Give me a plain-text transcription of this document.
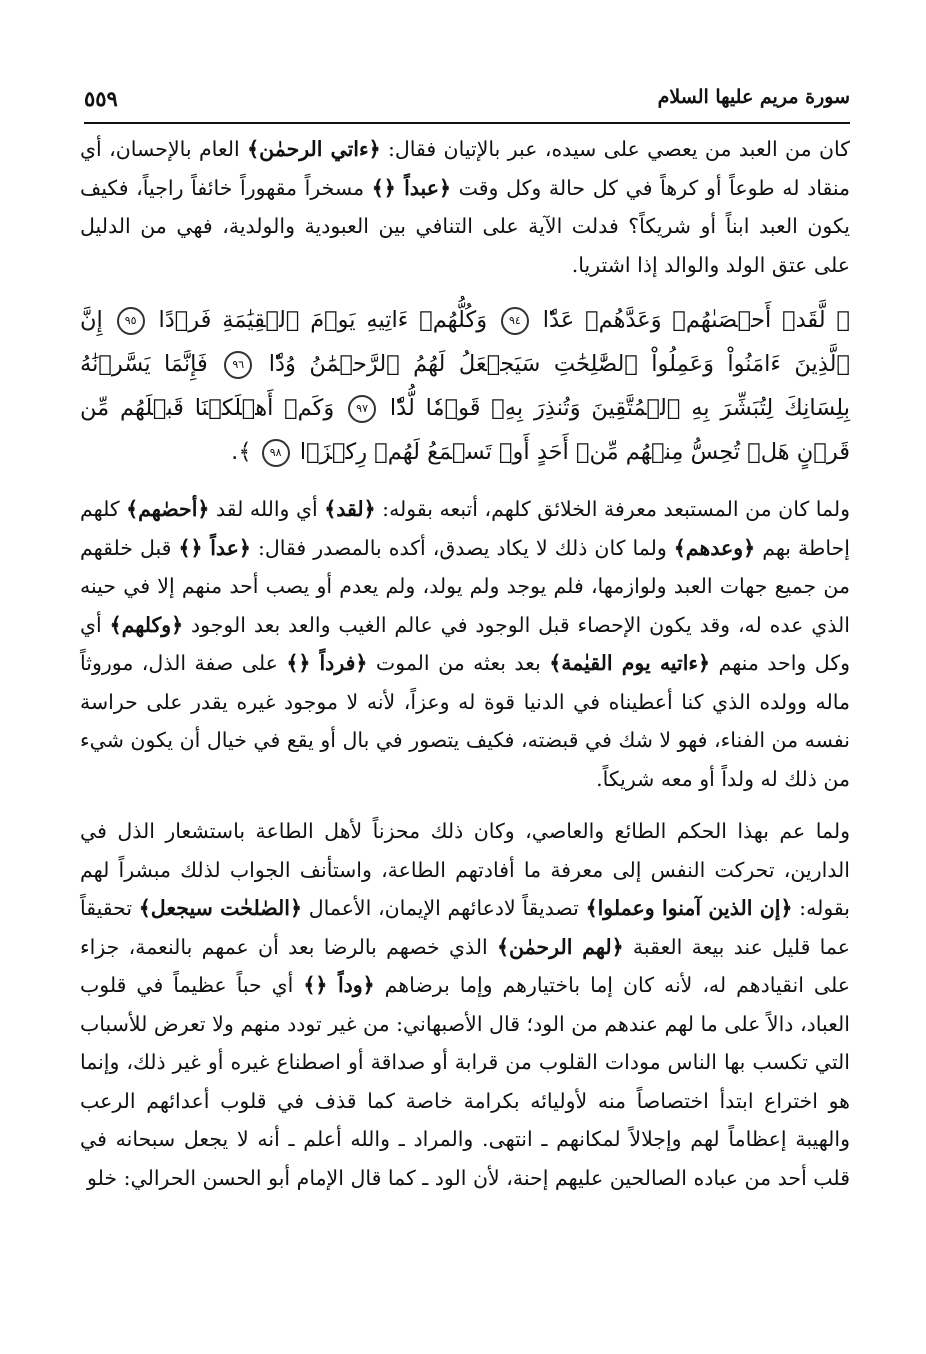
سورة مريم عليها السلام
٥٥٩

كان من العبد من يعصي على سيده، عبر بالإتيان فقال: ﴿ءاتي الرحمٰن﴾ العام بالإحسان، أي منقاد له طوعاً أو كرهاً في كل حالة وكل وقت ﴿عبداً ﴿﴾ مسخراً مقهوراً خائفاً راجياً، فكيف يكون العبد ابناً أو شريكاً؟ فدلت الآية على التنافي بين العبودية والولدية، فهي من الدليل على عتق الولد والوالد إذا اشتريا.

﴿ لَّقَدۡ أَحۡصَىٰهُمۡ وَعَدَّهُمۡ عَدّٗا ٩٤ وَكُلُّهُمۡ ءَاتِيهِ يَوۡمَ ٱلۡقِيَٰمَةِ فَرۡدًا ٩٥ إِنَّ ٱلَّذِينَ ءَامَنُواْ وَعَمِلُواْ ٱلصَّٰلِحَٰتِ سَيَجۡعَلُ لَهُمُ ٱلرَّحۡمَٰنُ وُدّٗا ٩٦ فَإِنَّمَا يَسَّرۡنَٰهُ بِلِسَانِكَ لِتُبَشِّرَ بِهِ ٱلۡمُتَّقِينَ وَتُنذِرَ بِهِۦ قَوۡمٗا لُّدّٗا ٩٧ وَكَمۡ أَهۡلَكۡنَا قَبۡلَهُم مِّن قَرۡنٍ هَلۡ تُحِسُّ مِنۡهُم مِّنۡ أَحَدٍ أَوۡ تَسۡمَعُ لَهُمۡ رِكۡزَۢا ٩٨ ﴾.

ولما كان من المستبعد معرفة الخلائق كلهم، أتبعه بقوله: ﴿لقد﴾ أي والله لقد ﴿أحصٰهم﴾ كلهم إحاطة بهم ﴿وعدهم﴾ ولما كان ذلك لا يكاد يصدق، أكده بالمصدر فقال: ﴿عداً ﴿﴾ قبل خلقهم من جميع جهات العبد ولوازمها، فلم يوجد ولم يولد، ولم يعدم أو يصب أحد منهم إلا في حينه الذي عده له، وقد يكون الإحصاء قبل الوجود في عالم الغيب والعد بعد الوجود ﴿وكلهم﴾ أي وكل واحد منهم ﴿ءاتيه يوم القيٰمة﴾ بعد بعثه من الموت ﴿فرداً ﴿﴾ على صفة الذل، موروثاً ماله وولده الذي كنا أعطيناه في الدنيا قوة له وعزاً، لأنه لا موجود غيره يقدر على حراسة نفسه من الفناء، فهو لا شك في قبضته، فكيف يتصور في بال أو يقع في خيال أن يكون شيء من ذلك له ولداً أو معه شريكاً.

ولما عم بهذا الحكم الطائع والعاصي، وكان ذلك محزناً لأهل الطاعة باستشعار الذل في الدارين، تحركت النفس إلى معرفة ما أفادتهم الطاعة، واستأنف الجواب لذلك مبشراً لهم بقوله: ﴿إن الذين آمنوا وعملوا﴾ تصديقاً لادعائهم الإيمان، الأعمال ﴿الصٰلحٰت سيجعل﴾ تحقيقاً عما قليل عند بيعة العقبة ﴿لهم الرحمٰن﴾ الذي خصهم بالرضا بعد أن عمهم بالنعمة، جزاء على انقيادهم له، لأنه كان إما باختيارهم وإما برضاهم ﴿وداً ﴿﴾ أي حباً عظيماً في قلوب العباد، دالاً على ما لهم عندهم من الود؛ قال الأصبهاني: من غير تودد منهم ولا تعرض للأسباب التي تكسب بها الناس مودات القلوب من قرابة أو صداقة أو اصطناع غيره أو غير ذلك، وإنما هو اختراع ابتدأ اختصاصاً منه لأوليائه بكرامة خاصة كما قذف في قلوب أعدائهم الرعب والهيبة إعظاماً لهم وإجلالاً لمكانهم ـ انتهى. والمراد ـ والله أعلم ـ أنه لا يجعل سبحانه في قلب أحد من عباده الصالحين عليهم إحنة، لأن الود ـ كما قال الإمام أبو الحسن الحرالي: خلو
